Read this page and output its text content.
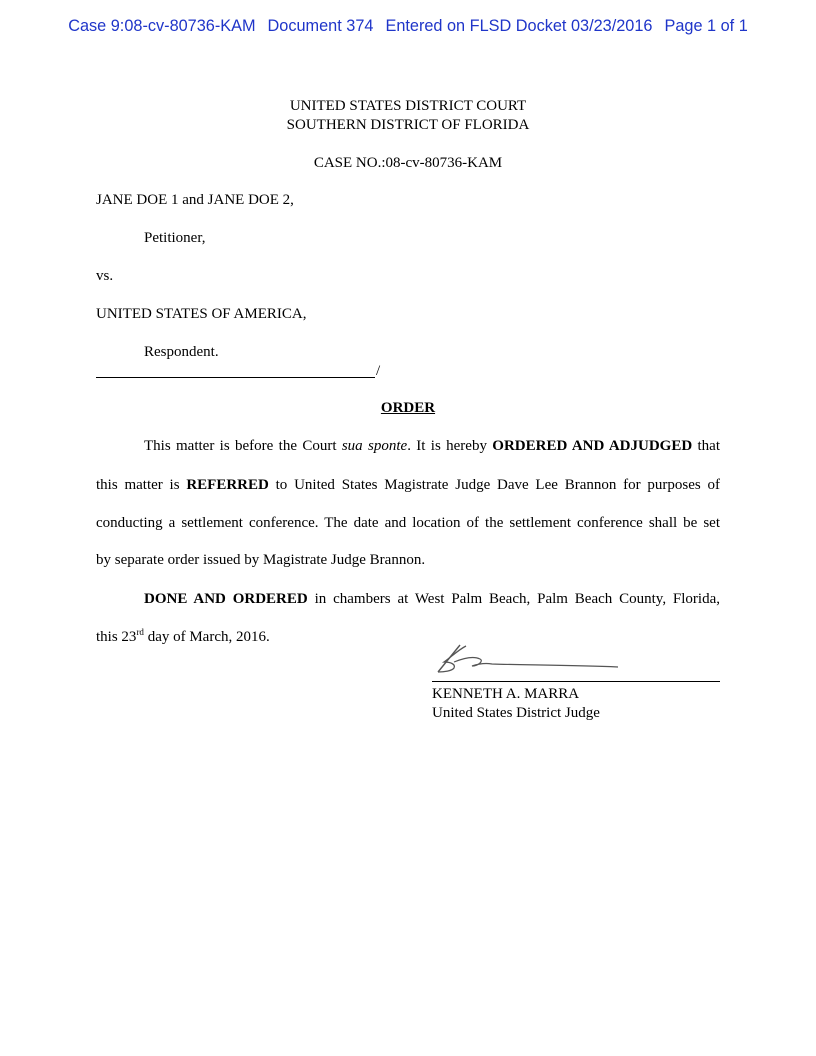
Case 9:08-cv-80736-KAM Document 374 Entered on FLSD Docket 03/23/2016 Page 1 of 1
UNITED STATES DISTRICT COURT
SOUTHERN DISTRICT OF FLORIDA
CASE NO.:08-cv-80736-KAM
JANE DOE 1 and JANE DOE 2,
Petitioner,
vs.
UNITED STATES OF AMERICA,
Respondent.
/
ORDER
This matter is before the Court sua sponte. It is hereby ORDERED AND ADJUDGED that
this matter is REFERRED to United States Magistrate Judge Dave Lee Brannon for purposes of
conducting a settlement conference. The date and location of the settlement conference shall be set
by separate order issued by Magistrate Judge Brannon.
DONE AND ORDERED in chambers at West Palm Beach, Palm Beach County, Florida,
this 23rd day of March, 2016.
KENNETH A. MARRA
United States District Judge
